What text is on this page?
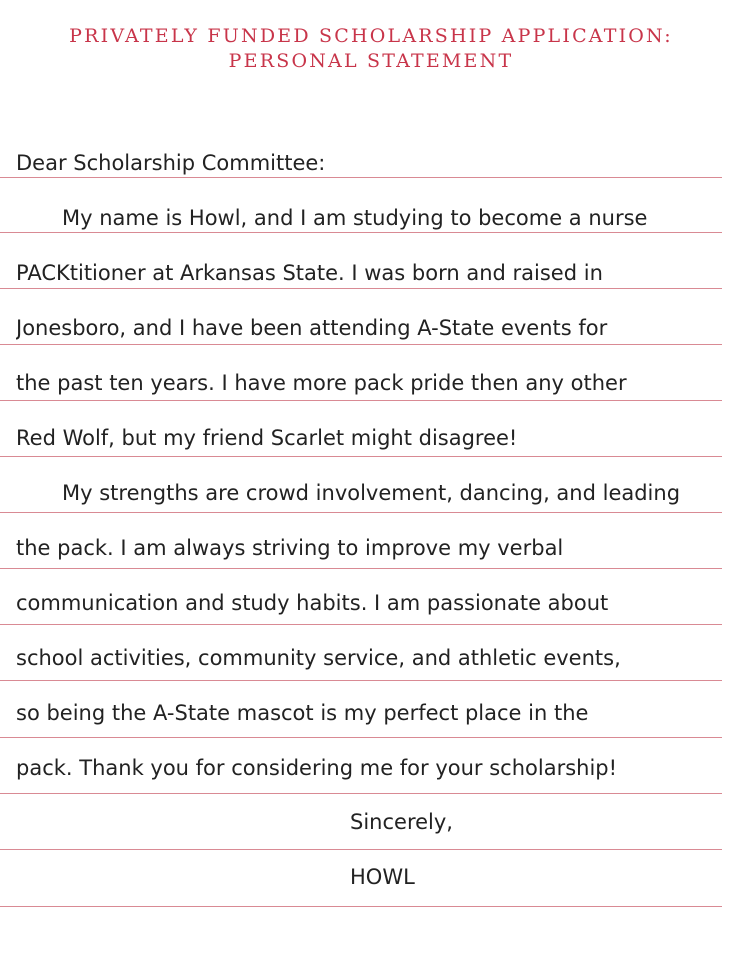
PRIVATELY FUNDED SCHOLARSHIP APPLICATION:
PERSONAL STATEMENT
Dear Scholarship Committee:
My name is Howl, and I am studying to become a nurse
PACKtitioner at Arkansas State. I was born and raised in
Jonesboro, and I have been attending A-State events for
the past ten years. I have more pack pride then any other
Red Wolf, but my friend Scarlet might disagree!
My strengths are crowd involvement, dancing, and leading
the pack. I am always striving to improve my verbal
communication and study habits. I am passionate about
school activities, community service, and athletic events,
so being the A-State mascot is my perfect place in the
pack. Thank you for considering me for your scholarship!
Sincerely,
HOWL
